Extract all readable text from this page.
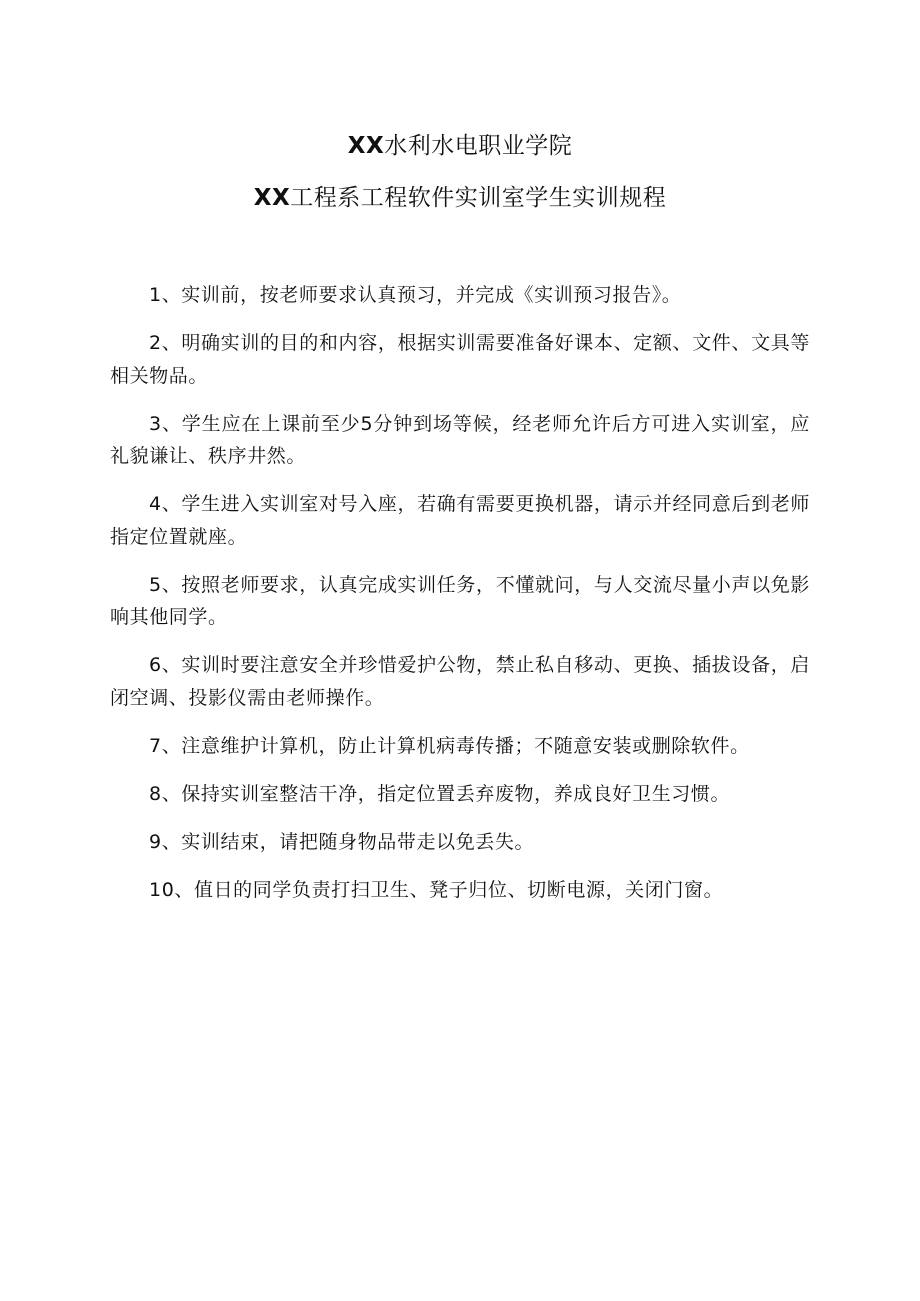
XX水利水电职业学院
XX工程系工程软件实训室学生实训规程
1、实训前，按老师要求认真预习，并完成《实训预习报告》。
2、明确实训的目的和内容，根据实训需要准备好课本、定额、文件、文具等相关物品。
3、学生应在上课前至少5分钟到场等候，经老师允许后方可进入实训室，应礼貌谦让、秩序井然。
4、学生进入实训室对号入座，若确有需要更换机器，请示并经同意后到老师指定位置就座。
5、按照老师要求，认真完成实训任务，不懂就问，与人交流尽量小声以免影响其他同学。
6、实训时要注意安全并珍惜爱护公物，禁止私自移动、更换、插拔设备，启闭空调、投影仪需由老师操作。
7、注意维护计算机，防止计算机病毒传播；不随意安装或删除软件。
8、保持实训室整洁干净，指定位置丢弃废物，养成良好卫生习惯。
9、实训结束，请把随身物品带走以免丢失。
10、值日的同学负责打扫卫生、凳子归位、切断电源，关闭门窗。
